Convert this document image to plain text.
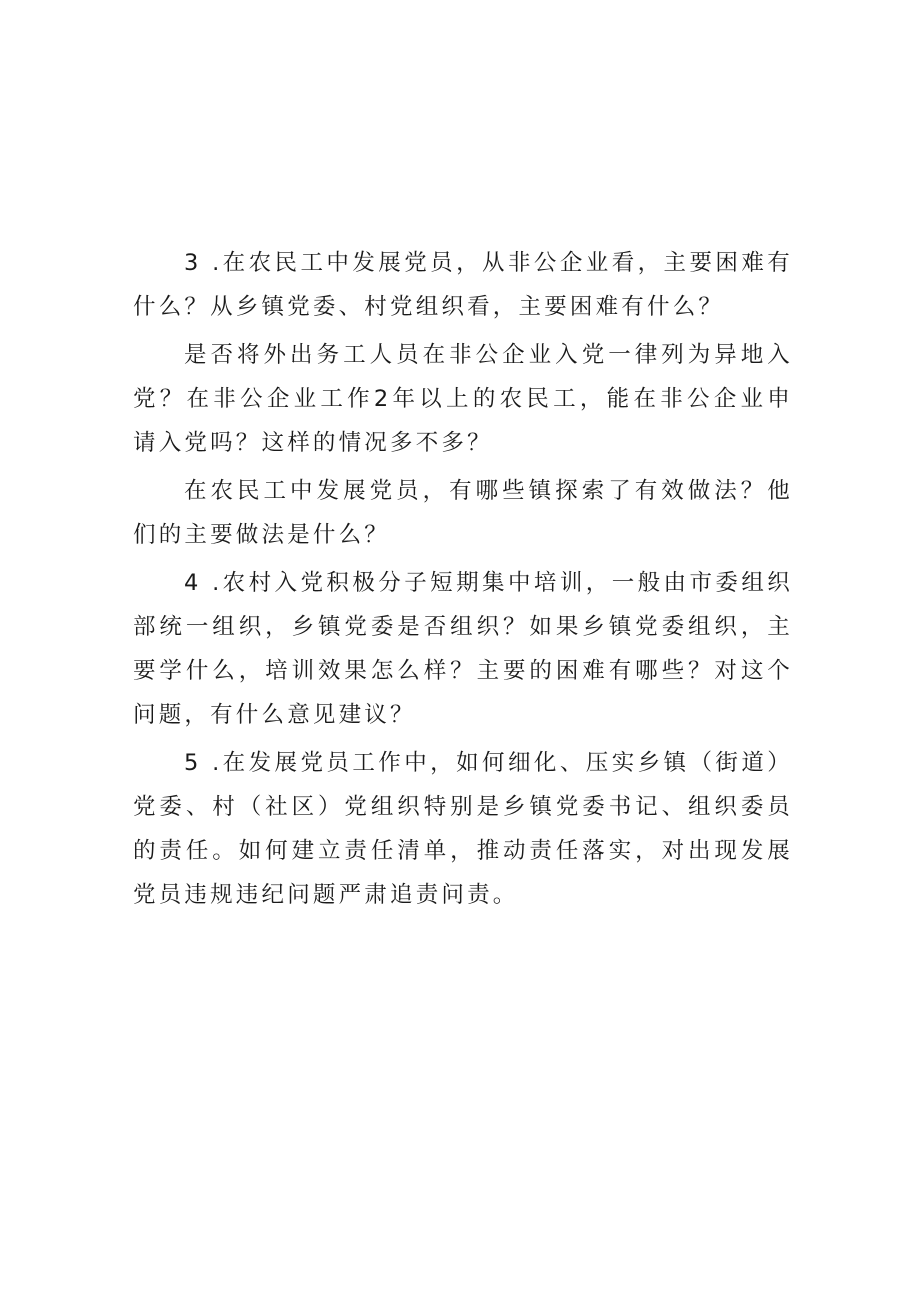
3 .在农民工中发展党员，从非公企业看，主要困难有什么？从乡镇党委、村党组织看，主要困难有什么？

是否将外出务工人员在非公企业入党一律列为异地入党？在非公企业工作2年以上的农民工，能在非公企业申请入党吗？这样的情况多不多？

在农民工中发展党员，有哪些镇探索了有效做法？他们的主要做法是什么？

4 .农村入党积极分子短期集中培训，一般由市委组织部统一组织，乡镇党委是否组织？如果乡镇党委组织，主要学什么，培训效果怎么样？主要的困难有哪些？对这个问题，有什么意见建议？

5 .在发展党员工作中，如何细化、压实乡镇（街道）党委、村（社区）党组织特别是乡镇党委书记、组织委员的责任。如何建立责任清单，推动责任落实，对出现发展党员违规违纪问题严肃追责问责。
